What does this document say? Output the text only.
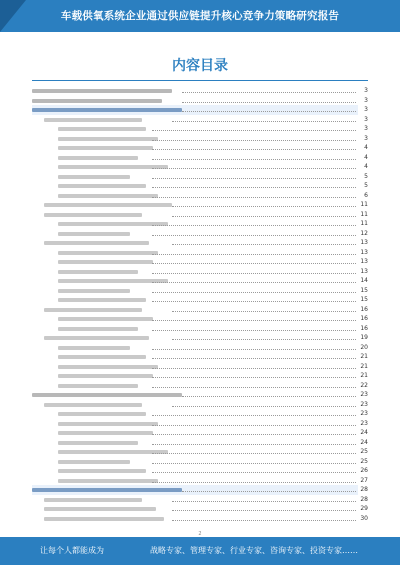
车载供氧系统企业通过供应链提升核心竞争力策略研究报告
内容目录
3
3
3
3
3
3
4
4
4
5
5
6
11
11
11
12
13
13
13
13
14
15
15
16
16
16
19
20
21
21
21
22
23
23
23
23
24
24
25
25
26
27
28
28
29
30
2
让每个人都能成为	战略专家、管理专家、行业专家、咨询专家、投资专家……
